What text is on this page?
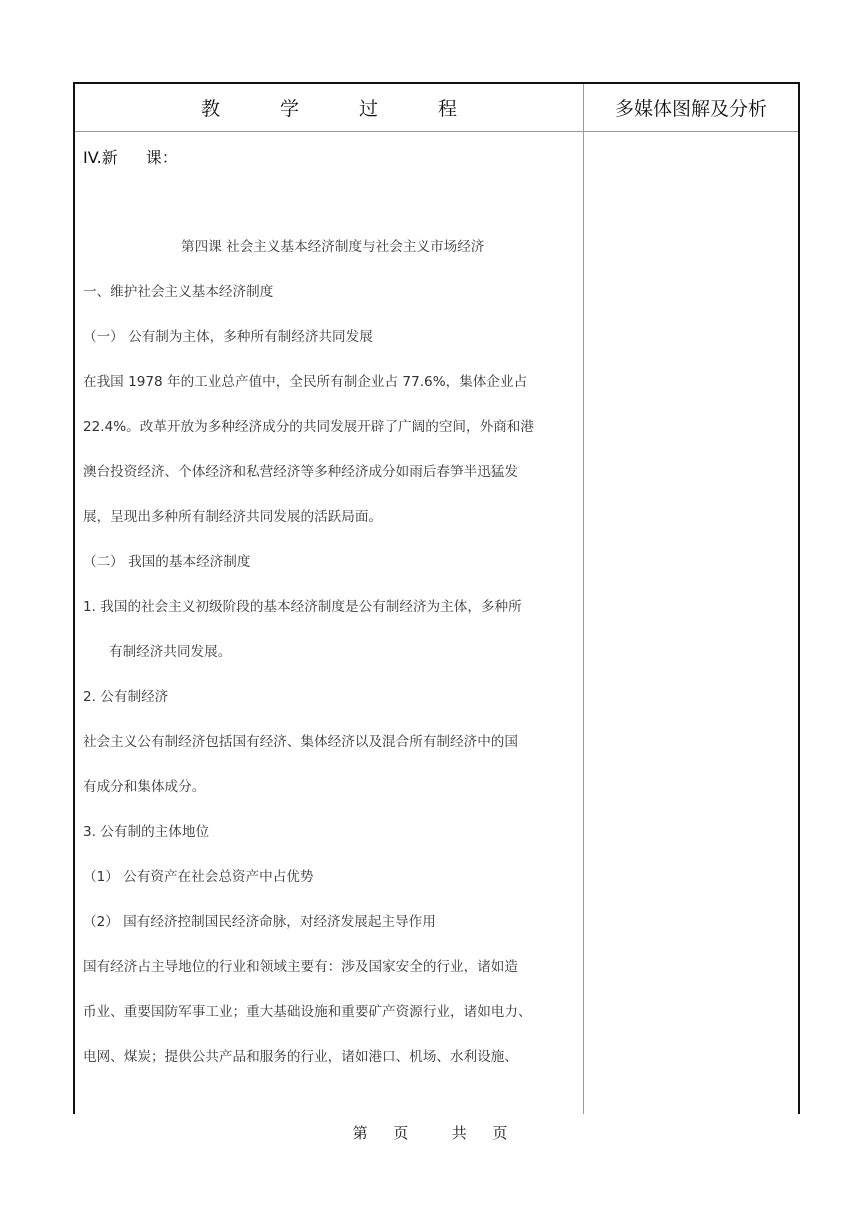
教学过程	多媒体图解及分析
IV.新 课：
第四课 社会主义基本经济制度与社会主义市场经济
一、维护社会主义基本经济制度
（一） 公有制为主体，多种所有制经济共同发展
在我国 1978 年的工业总产值中，全民所有制企业占 77.6%，集体企业占
22.4%。改革开放为多种经济成分的共同发展开辟了广阔的空间，外商和港
澳台投资经济、个体经济和私营经济等多种经济成分如雨后春笋半迅猛发
展，呈现出多种所有制经济共同发展的活跃局面。
（二） 我国的基本经济制度
1. 我国的社会主义初级阶段的基本经济制度是公有制经济为主体，多种所
有制经济共同发展。
2. 公有制经济
社会主义公有制经济包括国有经济、集体经济以及混合所有制经济中的国
有成分和集体成分。
3. 公有制的主体地位
（1） 公有资产在社会总资产中占优势
（2） 国有经济控制国民经济命脉，对经济发展起主导作用
国有经济占主导地位的行业和领域主要有：涉及国家安全的行业，诸如造
币业、重要国防军事工业；重大基础设施和重要矿产资源行业，诸如电力、
电网、煤炭；提供公共产品和服务的行业，诸如港口、机场、水利设施、
第 页	共 页
